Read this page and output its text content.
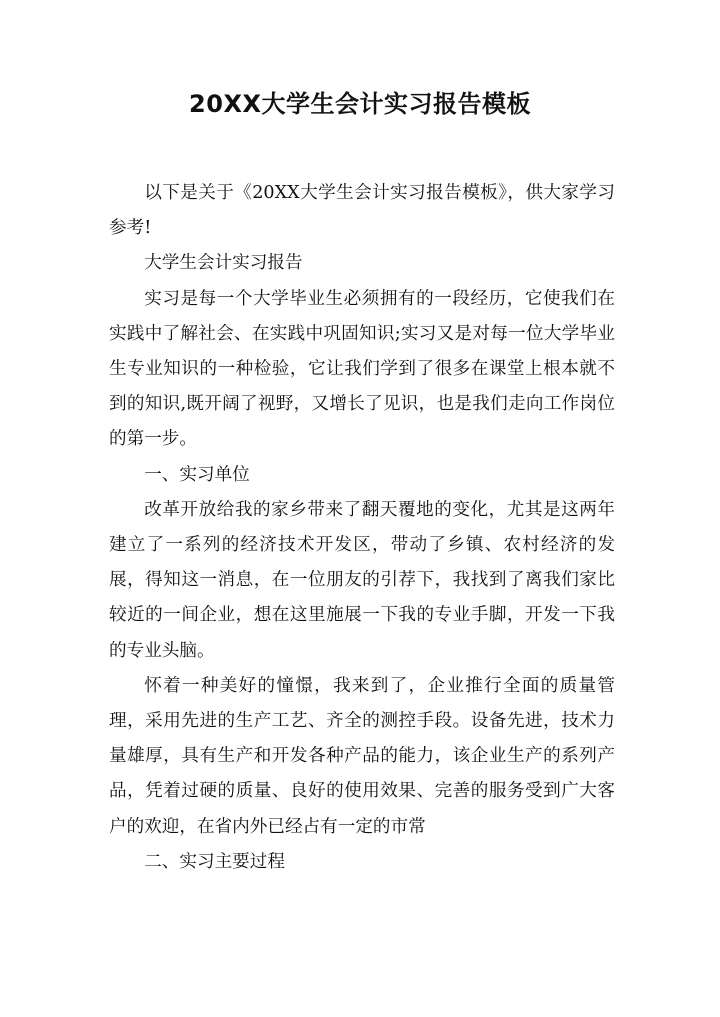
20XX大学生会计实习报告模板

以下是关于《20XX大学生会计实习报告模板》，供大家学习参考!

大学生会计实习报告

实习是每一个大学毕业生必须拥有的一段经历，它使我们在实践中了解社会、在实践中巩固知识;实习又是对每一位大学毕业生专业知识的一种检验，它让我们学到了很多在课堂上根本就不到的知识,既开阔了视野，又增长了见识，也是我们走向工作岗位的第一步。

一、实习单位

改革开放给我的家乡带来了翻天覆地的变化，尤其是这两年建立了一系列的经济技术开发区，带动了乡镇、农村经济的发展，得知这一消息，在一位朋友的引荐下，我找到了离我们家比较近的一间企业，想在这里施展一下我的专业手脚，开发一下我的专业头脑。

怀着一种美好的憧憬，我来到了，企业推行全面的质量管理，采用先进的生产工艺、齐全的测控手段。设备先进，技术力量雄厚，具有生产和开发各种产品的能力，该企业生产的系列产品，凭着过硬的质量、良好的使用效果、完善的服务受到广大客户的欢迎，在省内外已经占有一定的市常

二、实习主要过程
